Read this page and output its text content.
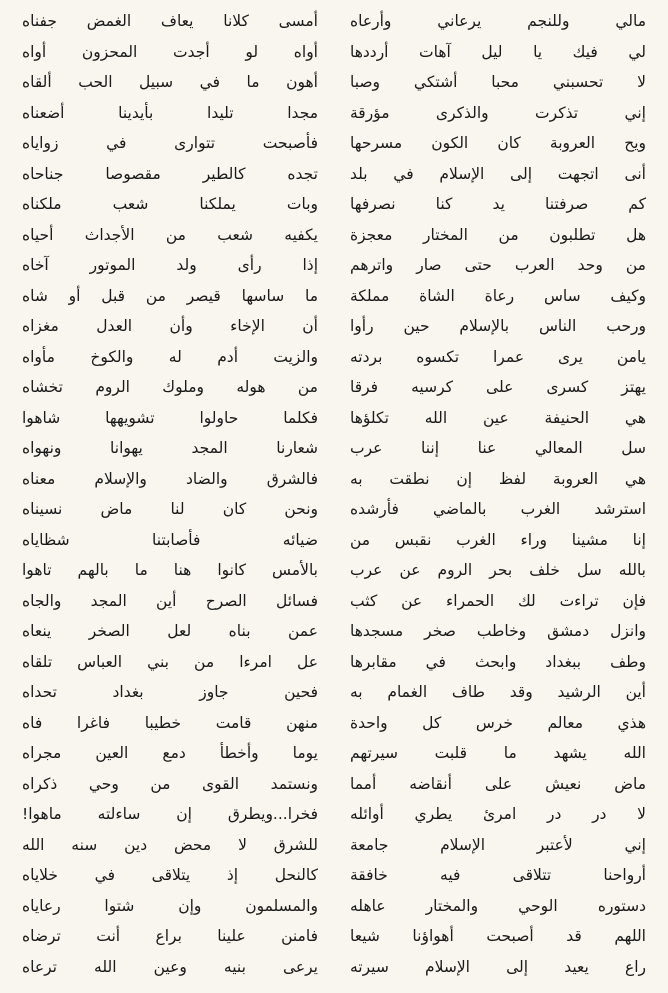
أمسى كلانا يعاف الغمض جفناه
أواه لو أجدت المحزون أواه
أهون ما في سبيل الحب ألقاه
مجدا تليدا بأيدينا أضعناه
فأصبحت تتوارى في زواياه
تجده كالطير مقصوصا جناحاه
وبات يملكنا شعب ملكناه
يكفيه شعب من الأجداث أحياه
إذا رأى ولد الموتور آخاه
ما ساسها قيصر من قبل أو شاه
أن الإخاء وأن العدل مغزاه
والزيت أدم له والكوخ مأواه
من هوله وملوك الروم تخشاه
فكلما حاولوا تشويهها شاهوا
شعارنا المجد يهوانا ونهواه
فالشرق والضاد والإسلام معناه
ونحن كان لنا ماض نسيناه
ضيائه فأصابتنا شظاياه
بالأمس كانوا هنا ما بالهم تاهوا
فسائل الصرح أين المجد والجاه
عمن بناه لعل الصخر ينعاه
عل امرءا من بني العباس تلقاه
فحين جاوز بغداد تحداه
منهن قامت خطيبا فاغرا فاه
يوما وأخطأ دمع العين مجراه
ونستمد القوى من وحي ذكراه
فخرا...ويطرق إن ساءلته ماهوا!
للشرق لا محض دين سنه الله
كالنحل إذ يتلاقى في خلاياه
والمسلمون وإن شتوا رعاياه
فامنن علينا براع أنت ترضاه
يرعى بنيه وعين الله ترعاه
مالي وللنجم يرعاني وأرعاه
لي فيك يا ليل آهات أرددها
لا تحسبني محبا أشتكي وصبا
إني تذكرت والذكرى مؤرقة
ويح العروبة كان الكون مسرحها
أنى اتجهت إلى الإسلام في بلد
كم صرفتنا يد كنا نصرفها
هل تطلبون من المختار معجزة
من وحد العرب حتى صار واترهم
وكيف ساس رعاة الشاة مملكة
ورحب الناس بالإسلام حين رأوا
يامن يرى عمرا تكسوه بردته
يهتز كسرى على كرسيه فرقا
هي الحنيفة عين الله تكلؤها
سل المعالي عنا إننا عرب
هي العروبة لفظ إن نطقت به
استرشد الغرب بالماضي فأرشده
إنا مشينا وراء الغرب نقبس من
بالله سل خلف بحر الروم عن عرب
فإن تراءت لك الحمراء عن كثب
وانزل دمشق وخاطب صخر مسجدها
وطف ببغداد وابحث في مقابرها
أين الرشيد وقد طاف الغمام به
هذي معالم خرس كل واحدة
الله يشهد ما قلبت سيرتهم
ماض نعيش على أنقاضه أمما
لا در در امرئ يطري أوائله
إني لأعتبر الإسلام جامعة
أرواحنا تتلاقى فيه خافقة
دستوره الوحي والمختار عاهله
اللهم قد أصبحت أهواؤنا شيعا
راع يعيد إلى الإسلام سيرته
